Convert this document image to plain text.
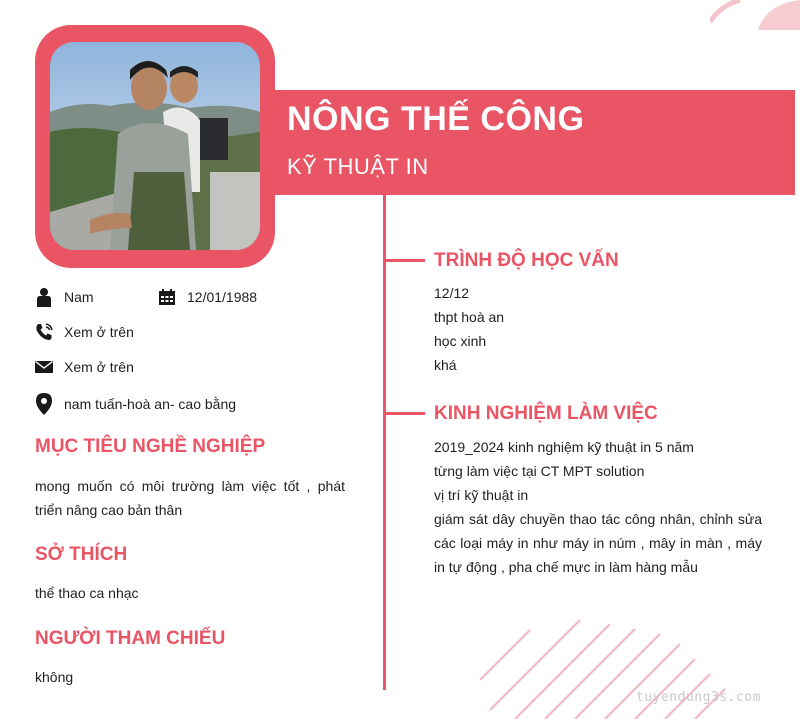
NÔNG THẾ CÔNG

KỸ THUẬT IN

Nam	12/01/1988
Xem ở trên
Xem ở trên
nam tuấn-hoà an- cao bằng
MỤC TIÊU NGHỀ NGHIỆP
mong muốn có môi trường làm việc tốt , phát
triển nâng cao bản thân
SỞ THÍCH
thể thao ca nhạc
NGƯỜI THAM CHIẾU
không
TRÌNH ĐỘ HỌC VẤN
12/12
thpt hoà an
học xinh
khá
KINH NGHIỆM LÀM VIỆC
2019_2024 kinh nghiệm kỹ thuật in 5 năm
từng làm việc tại CT MPT solution
vị trí kỹ thuật in
giám sát dây chuyền thao tác công nhân, chỉnh sửa
các loại máy in như máy in núm , mây in màn , máy
in tự động , pha chế mực in làm hàng mẫu
tuyendung3s.com
